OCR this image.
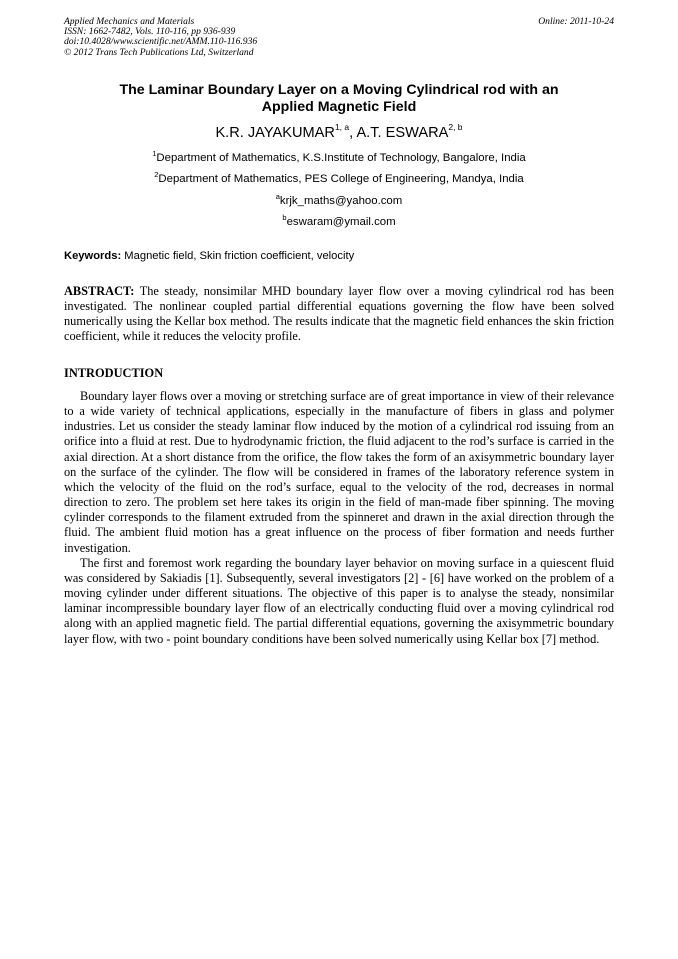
Applied Mechanics and Materials
ISSN: 1662-7482, Vols. 110-116, pp 936-939
doi:10.4028/www.scientific.net/AMM.110-116.936
© 2012 Trans Tech Publications Ltd, Switzerland
Online: 2011-10-24
The Laminar Boundary Layer on a Moving Cylindrical rod with an
Applied Magnetic Field
K.R. JAYAKUMAR$^{1, a}$, A.T. ESWARA$^{2, b}$
$^1$Department of Mathematics, K.S.Institute of Technology, Bangalore, India
$^2$Department of Mathematics, PES College of Engineering, Mandya, India
$^a$krjk_maths@yahoo.com
$^b$eswaram@ymail.com
Keywords: Magnetic field, Skin friction coefficient, velocity

ABSTRACT: The steady, nonsimilar MHD boundary layer flow over a moving cylindrical rod has been investigated. The nonlinear coupled partial differential equations governing the flow have been solved numerically using the Kellar box method. The results indicate that the magnetic field enhances the skin friction coefficient, while it reduces the velocity profile.

INTRODUCTION

Boundary layer flows over a moving or stretching surface are of great importance in view of their relevance to a wide variety of technical applications, especially in the manufacture of fibers in glass and polymer industries. Let us consider the steady laminar flow induced by the motion of a cylindrical rod issuing from an orifice into a fluid at rest. Due to hydrodynamic friction, the fluid adjacent to the rod’s surface is carried in the axial direction. At a short distance from the orifice, the flow takes the form of an axisymmetric boundary layer on the surface of the cylinder. The flow will be considered in frames of the laboratory reference system in which the velocity of the fluid on the rod’s surface, equal to the velocity of the rod, decreases in normal direction to zero. The problem set here takes its origin in the field of man-made fiber spinning. The moving cylinder corresponds to the filament extruded from the spinneret and drawn in the axial direction through the fluid. The ambient fluid motion has a great influence on the process of fiber formation and needs further investigation.

The first and foremost work regarding the boundary layer behavior on moving surface in a quiescent fluid was considered by Sakiadis [1]. Subsequently, several investigators [2] - [6] have worked on the problem of a moving cylinder under different situations. The objective of this paper is to analyse the steady, nonsimilar laminar incompressible boundary layer flow of an electrically conducting fluid over a moving cylindrical rod along with an applied magnetic field. The partial differential equations, governing the axisymmetric boundary layer flow, with two - point boundary conditions have been solved numerically using Kellar box [7] method.
